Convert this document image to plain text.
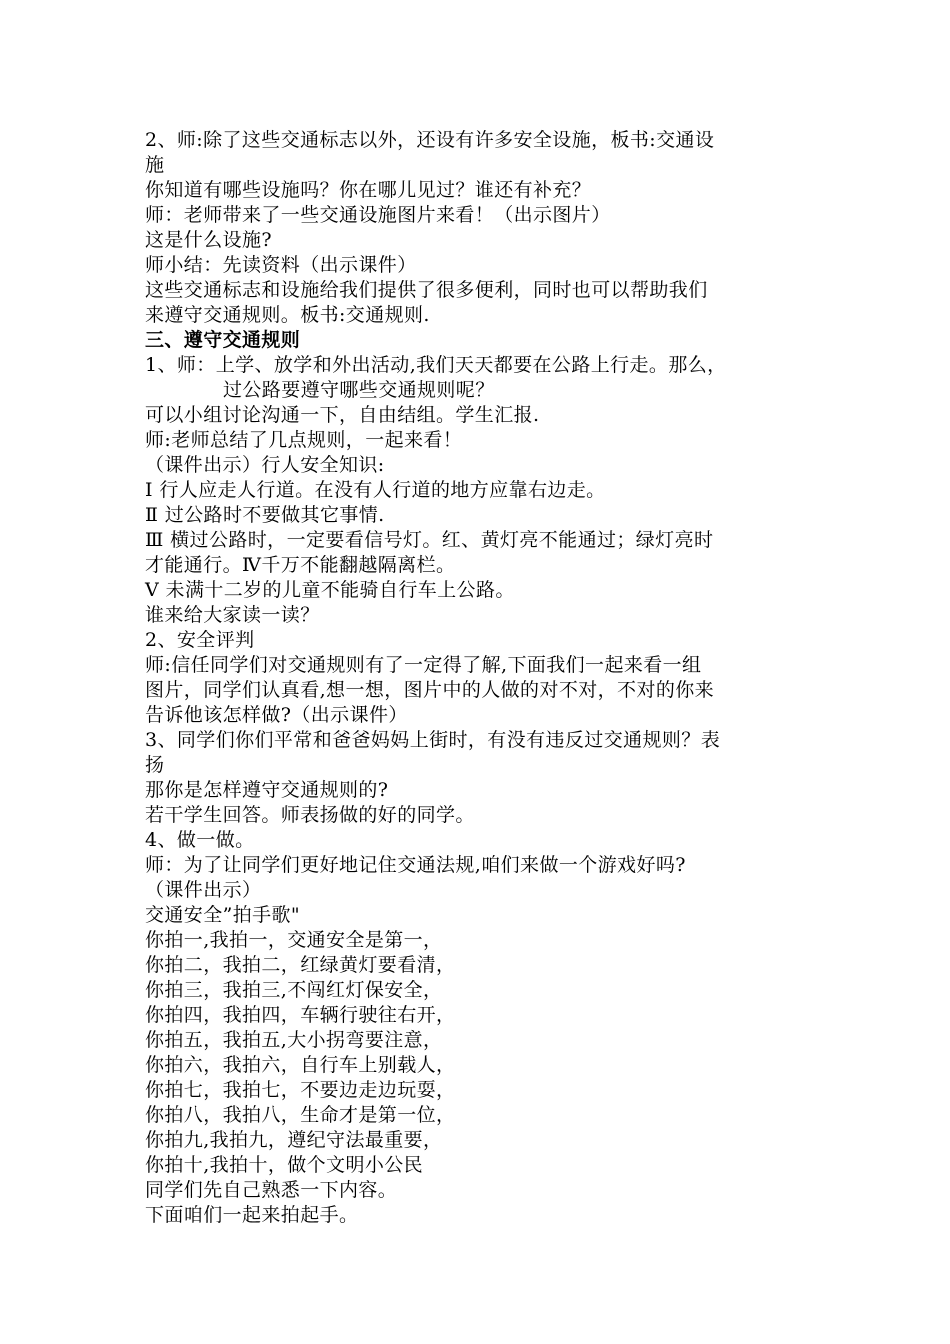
2、师:除了这些交通标志以外，还设有许多安全设施，板书:交通设
施
你知道有哪些设施吗？你在哪儿见过？谁还有补充？
师：老师带来了一些交通设施图片来看！（出示图片）
这是什么设施?
师小结：先读资料（出示课件）
这些交通标志和设施给我们提供了很多便利，同时也可以帮助我们
来遵守交通规则。板书:交通规则.
三、遵守交通规则
1、师：上学、放学和外出活动,我们天天都要在公路上行走。那么，
过公路要遵守哪些交通规则呢？
可以小组讨论沟通一下，自由结组。学生汇报.
师:老师总结了几点规则，一起来看！
（课件出示）行人安全知识:
Ⅰ 行人应走人行道。在没有人行道的地方应靠右边走。
Ⅱ 过公路时不要做其它事情.
Ⅲ 横过公路时，一定要看信号灯。红、黄灯亮不能通过；绿灯亮时
才能通行。Ⅳ千万不能翻越隔离栏。
Ⅴ 未满十二岁的儿童不能骑自行车上公路。
谁来给大家读一读？
2、安全评判
师:信任同学们对交通规则有了一定得了解,下面我们一起来看一组
图片，同学们认真看,想一想，图片中的人做的对不对，不对的你来
告诉他该怎样做?（出示课件）
3、同学们你们平常和爸爸妈妈上街时，有没有违反过交通规则？表
扬
那你是怎样遵守交通规则的?
若干学生回答。师表扬做的好的同学。
4、做一做。
师：为了让同学们更好地记住交通法规,咱们来做一个游戏好吗?
（课件出示）
交通安全”拍手歌"
你拍一,我拍一，交通安全是第一，
你拍二，我拍二，红绿黄灯要看清，
你拍三，我拍三,不闯红灯保安全，
你拍四，我拍四，车辆行驶往右开，
你拍五，我拍五,大小拐弯要注意，
你拍六，我拍六，自行车上别载人，
你拍七，我拍七，不要边走边玩耍，
你拍八，我拍八，生命才是第一位，
你拍九,我拍九，遵纪守法最重要，
你拍十,我拍十，做个文明小公民
同学们先自己熟悉一下内容。
下面咱们一起来拍起手。
